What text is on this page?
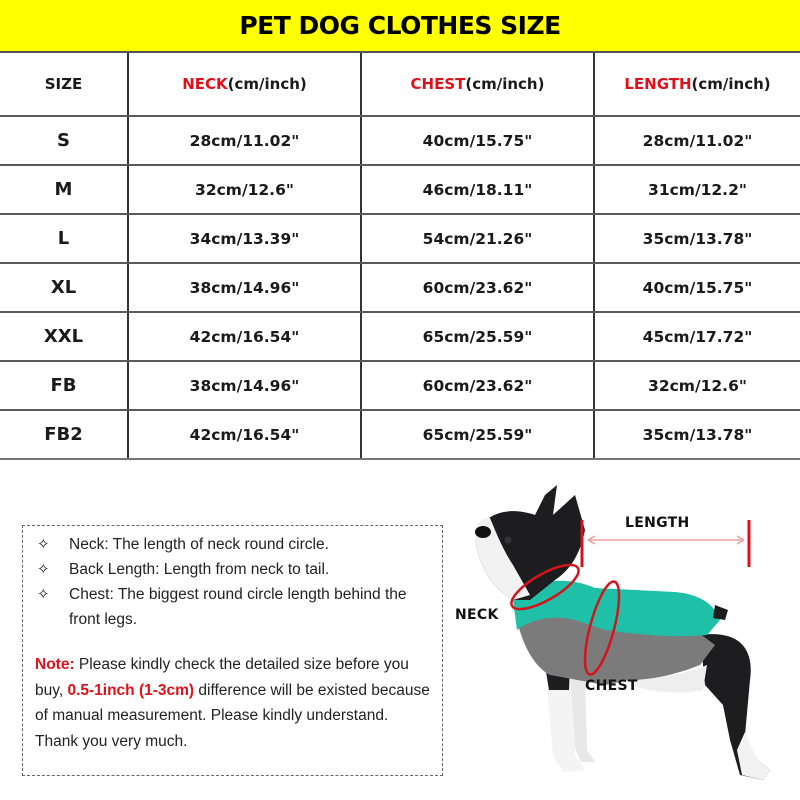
PET DOG CLOTHES SIZE
SIZE	NECK(cm/inch)	CHEST(cm/inch)	LENGTH(cm/inch)
S	28cm/11.02"	40cm/15.75"	28cm/11.02"
M	32cm/12.6"	46cm/18.11"	31cm/12.2"
L	34cm/13.39"	54cm/21.26"	35cm/13.78"
XL	38cm/14.96"	60cm/23.62"	40cm/15.75"
XXL	42cm/16.54"	65cm/25.59"	45cm/17.72"
FB	38cm/14.96"	60cm/23.62"	32cm/12.6"
FB2	42cm/16.54"	65cm/25.59"	35cm/13.78"
✧	Neck: The length of neck round circle.
✧	Back Length: Length from neck to tail.
✧	Chest: The biggest round circle length behind the front legs.

Note: Please kindly check the detailed size before you buy, 0.5-1inch (1-3cm) difference will be existed because of manual measurement. Please kindly understand. Thank you very much.

LENGTH
NECK
CHEST
